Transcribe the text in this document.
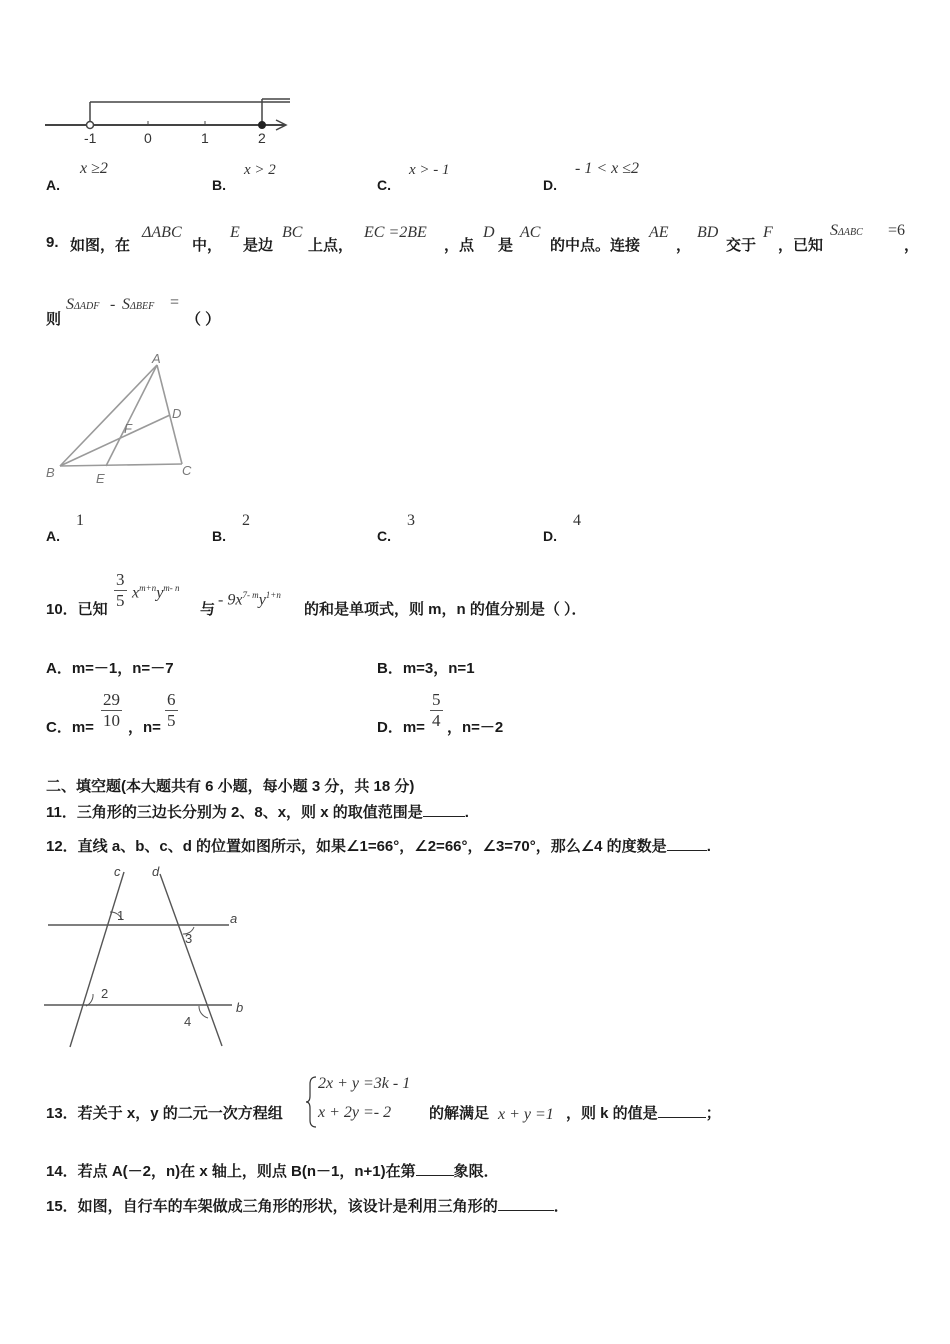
-1	0	1	2
A.
x ≥2
B.
x > 2
C.
x > - 1
D.
- 1 < x ≤2
9. 如图，在
ΔABC
中，
E
是边
BC
上点，
EC =2BE
，点
D
是
AC
的中点。连接
AE
，
BD
交于
F
，已知
SΔABC =6
，
则
SΔADF - SΔBEF =
（ ）
A
B	C
D
E
F
A.
1
B.
2
C.
3
D.
4
10．已知 $\frac{3}{5} x^{m+n}y^{m- n}$
与
- $9x^{7- m}y^{1+n}$
的和是单项式，则 m，n 的值分别是（ ）．
A．m=－1，n=－7	B．m=3，n=1
C．$m= \frac{29}{10}$ ，$n= \frac{6}{5}$	D．$m= \frac{5}{4}$ ，n=－2
二、填空题(本大题共有 6 小题，每小题 3 分，共 18 分)
11．三角形的三边长分别为 2、8、x，则 x 的取值范围是	.
12．直线 a、b、c、d 的位置如图所示，如果∠1=66°，∠2=66°，∠3=70°，那么∠4 的度数是	.
c d
a
b
1
2
3
4
13．若关于 x，y 的二元一次方程组
2x + y =3k - 1
x + 2y =- 2	的解满足 x + y =1 ，则 k 的值是	；
14．若点 A(－2，n)在 x 轴上，则点 B(n－1，n+1)在第	象限．
15．如图，自行车的车架做成三角形的形状，该设计是利用三角形的	．
